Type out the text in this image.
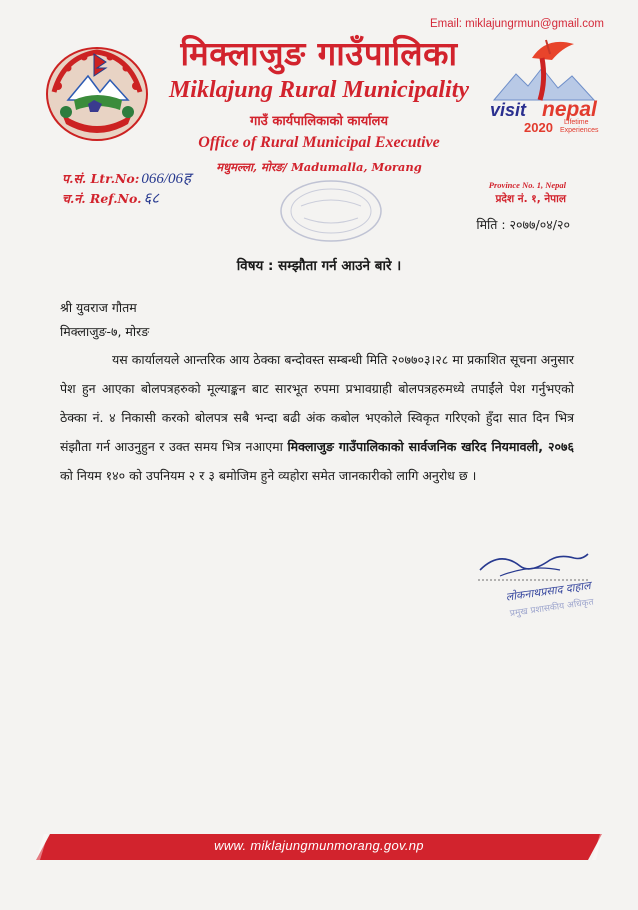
Email: miklajungrmun@gmail.com
मिक्लाजुङ गाउँपालिका
Miklajung Rural Municipality
गाउँ कार्यपालिकाको कार्यालय
Office of Rural Municipal Executive
मधुमल्ला, मोरङ/ Madumalla, Morang
visit nepal
2020 Lifetime
Experiences
प.सं. Ltr.No: 066/06ह
च.नं. Ref.No. ६८
Province No. 1, Nepal
प्रदेश नं. १, नेपाल
मिति : २०७७/०४/२०
विषय : सम्झौता गर्न आउने बारे ।
श्री युवराज गौतम
मिक्लाजुङ-७, मोरङ
यस कार्यालयले आन्तरिक आय ठेक्का बन्दोवस्त सम्बन्धी मिति २०७७०३।२८ मा प्रकाशित सूचना अनुसार पेश हुन आएका बोलपत्रहरुको मूल्याङ्कन बाट सारभूत रुपमा प्रभावग्राही बोलपत्रहरुमध्ये तपाईंले पेश गर्नुभएको ठेक्का नं. ४ निकासी करको बोलपत्र सबै भन्दा बढी अंक कबोल भएकोले स्विकृत गरिएको हुँदा सात दिन भित्र संझौता गर्न आउनुहुन र उक्त समय भित्र नआएमा मिक्लाजुङ गाउँपालिकाको सार्वजनिक खरिद नियमावली, २०७६ को नियम १४० को उपनियम २ र ३ बमोजिम हुने व्यहोरा समेत जानकारीको लागि अनुरोध छ ।
लोकनाथप्रसाद दाहाल
प्रमुख प्रशासकीय अधिकृत
www. miklajungmunmorang.gov.np
